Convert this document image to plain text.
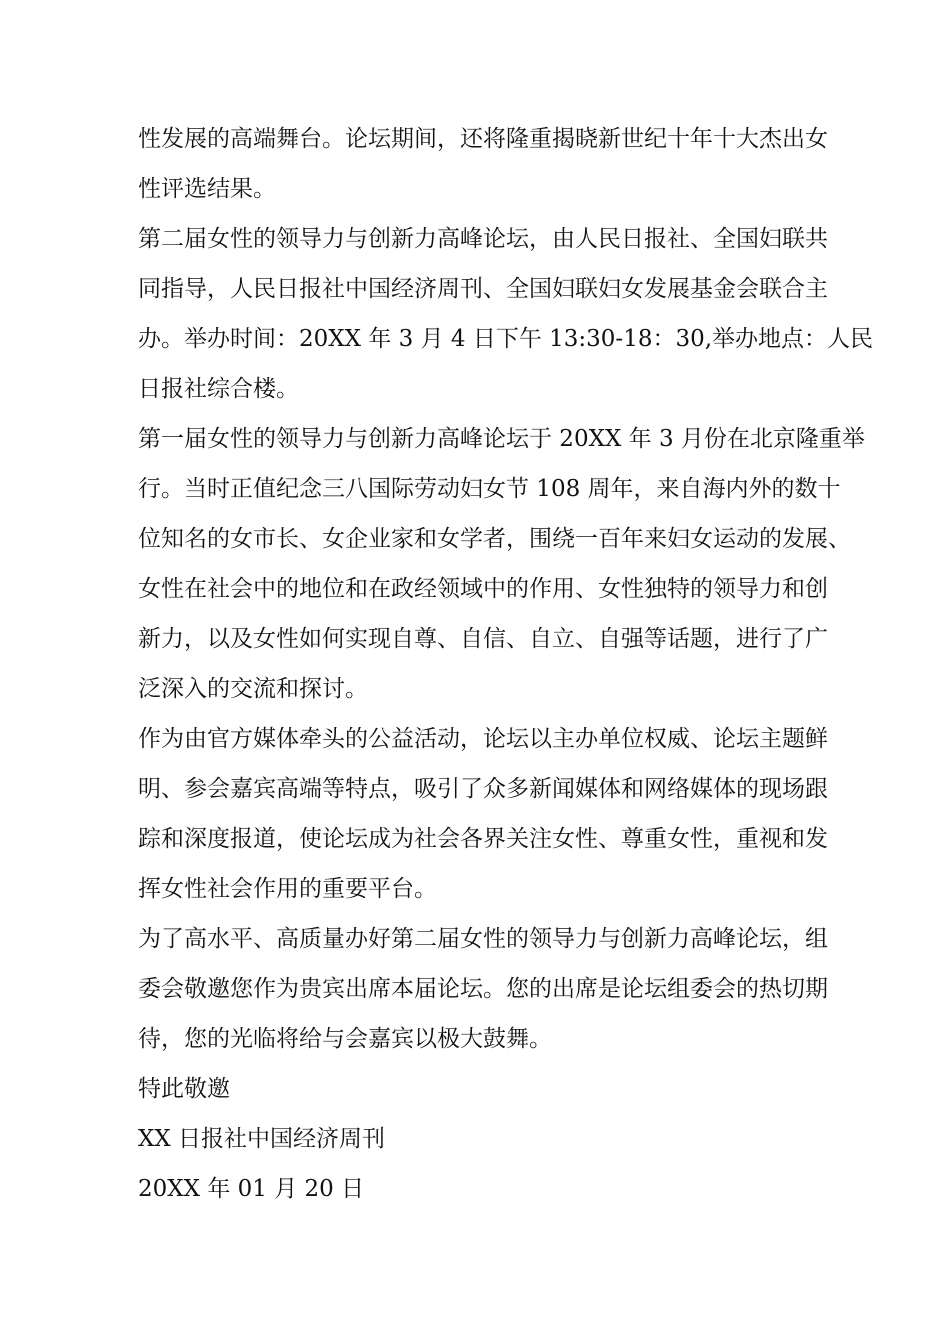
性发展的高端舞台。论坛期间，还将隆重揭晓新世纪十年十大杰出女
性评选结果。
第二届女性的领导力与创新力高峰论坛，由人民日报社、全国妇联共
同指导，人民日报社中国经济周刊、全国妇联妇女发展基金会联合主
办。举办时间：20XX 年 3 月 4 日下午 13:30-18：30,举办地点：人民
日报社综合楼。
第一届女性的领导力与创新力高峰论坛于 20XX 年 3 月份在北京隆重举
行。当时正值纪念三八国际劳动妇女节 108 周年，来自海内外的数十
位知名的女市长、女企业家和女学者，围绕一百年来妇女运动的发展、
女性在社会中的地位和在政经领域中的作用、女性独特的领导力和创
新力，以及女性如何实现自尊、自信、自立、自强等话题，进行了广
泛深入的交流和探讨。
作为由官方媒体牵头的公益活动，论坛以主办单位权威、论坛主题鲜
明、参会嘉宾高端等特点，吸引了众多新闻媒体和网络媒体的现场跟
踪和深度报道，使论坛成为社会各界关注女性、尊重女性，重视和发
挥女性社会作用的重要平台。
为了高水平、高质量办好第二届女性的领导力与创新力高峰论坛，组
委会敬邀您作为贵宾出席本届论坛。您的出席是论坛组委会的热切期
待，您的光临将给与会嘉宾以极大鼓舞。
特此敬邀
XX 日报社中国经济周刊
20XX 年 01 月 20 日
